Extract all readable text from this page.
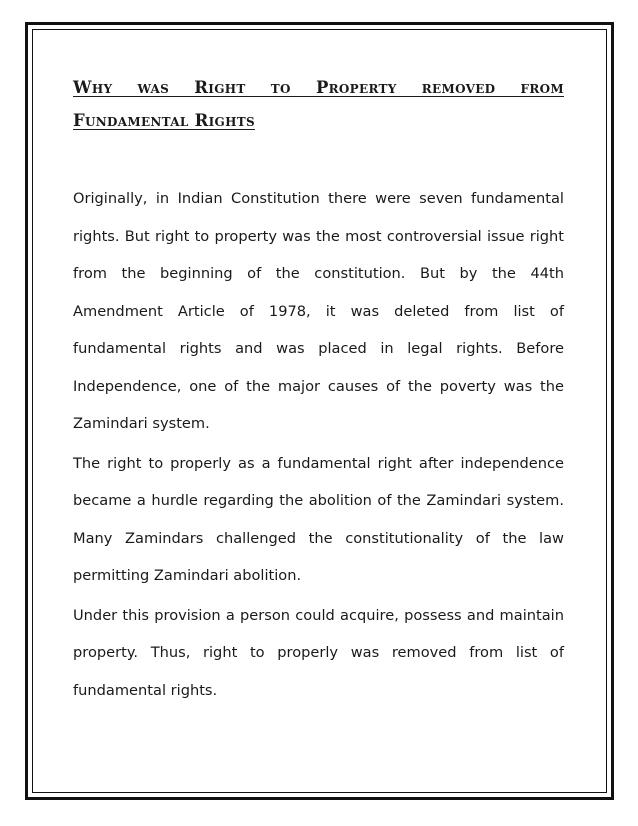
Why was Right to Property removed from
Fundamental Rights

Originally, in Indian Constitution there were seven fundamental rights. But right to property was the most controversial issue right from the beginning of the constitution. But by the 44th Amendment Article of 1978, it was deleted from list of fundamental rights and was placed in legal rights. Before Independence, one of the major causes of the poverty was the Zamindari system.

The right to properly as a fundamental right after independence became a hurdle regarding the abolition of the Zamindari system. Many Zamindars challenged the constitutionality of the law permitting Zamindari abolition.

Under this provision a person could acquire, possess and maintain property. Thus, right to properly was removed from list of fundamental rights.
